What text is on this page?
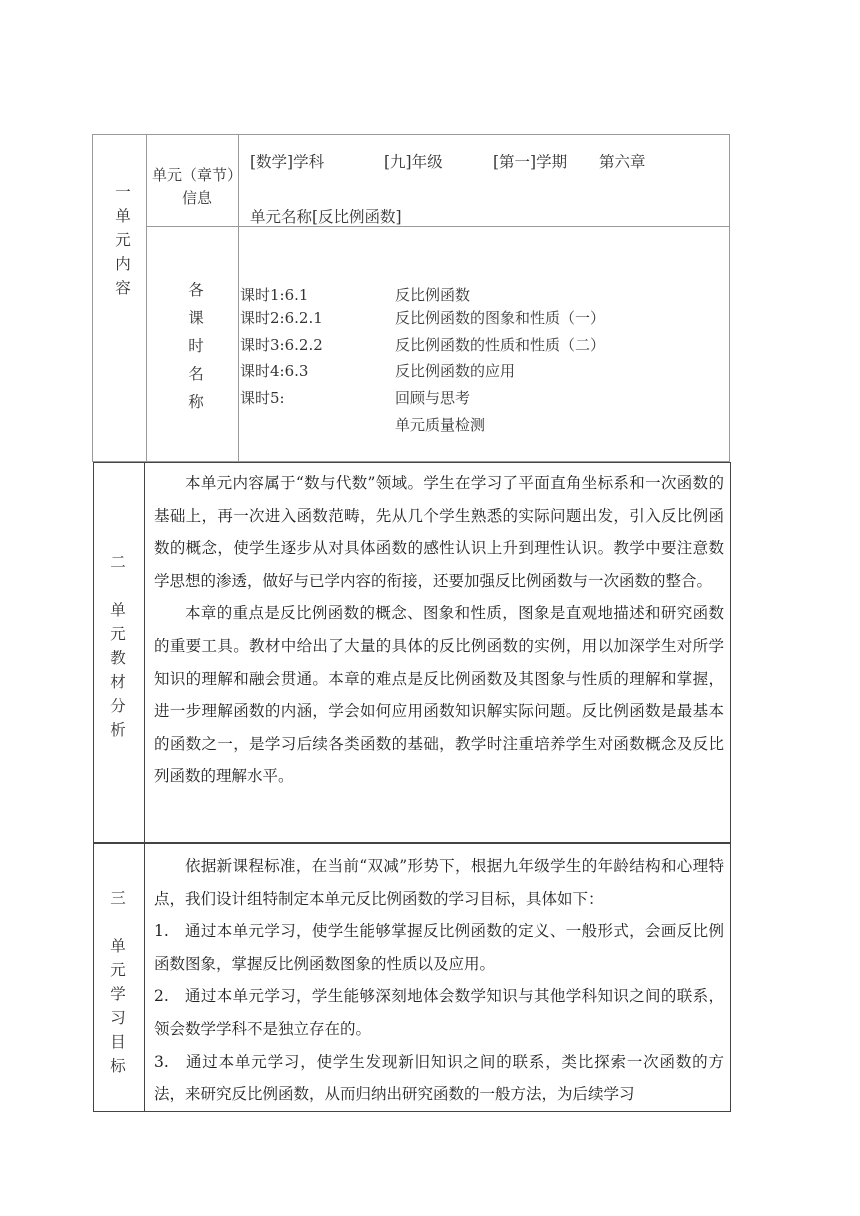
一
单
元
内
容
单元（章节）
信息
[数学]学科	[九]年级	[第一]学期 第六章
单元名称[反比例函数]
各
课
时
名
称
课时1:6.1	反比例函数
课时2:6.2.1	反比例函数的图象和性质（一）
课时3:6.2.2	反比例函数的性质和性质（二）
课时4:6.3	反比例函数的应用
课时5:	回顾与思考
单元质量检测
二

单
元
教
材
分
析

本单元内容属于“数与代数”领域。学生在学习了平面直角坐标系和一次函数的基础上，再一次进入函数范畴，先从几个学生熟悉的实际问题出发，引入反比例函数的概念，使学生逐步从对具体函数的感性认识上升到理性认识。教学中要注意数学思想的渗透，做好与已学内容的衔接，还要加强反比例函数与一次函数的整合。

本章的重点是反比例函数的概念、图象和性质，图象是直观地描述和研究函数的重要工具。教材中给出了大量的具体的反比例函数的实例，用以加深学生对所学知识的理解和融会贯通。本章的难点是反比例函数及其图象与性质的理解和掌握，进一步理解函数的内涵，学会如何应用函数知识解实际问题。反比例函数是最基本的函数之一，是学习后续各类函数的基础，教学时注重培养学生对函数概念及反比列函数的理解水平。

三

单
元
学
习
目
标

依据新课程标准，在当前“双减”形势下，根据九年级学生的年龄结构和心理特点，我们设计组特制定本单元反比例函数的学习目标，具体如下：

1.　通过本单元学习，使学生能够掌握反比例函数的定义、一般形式，会画反比例函数图象，掌握反比例函数图象的性质以及应用。

2.　通过本单元学习，学生能够深刻地体会数学知识与其他学科知识之间的联系，领会数学学科不是独立存在的。

3.　通过本单元学习，使学生发现新旧知识之间的联系，类比探索一次函数的方法，来研究反比例函数，从而归纳出研究函数的一般方法，为后续学习
